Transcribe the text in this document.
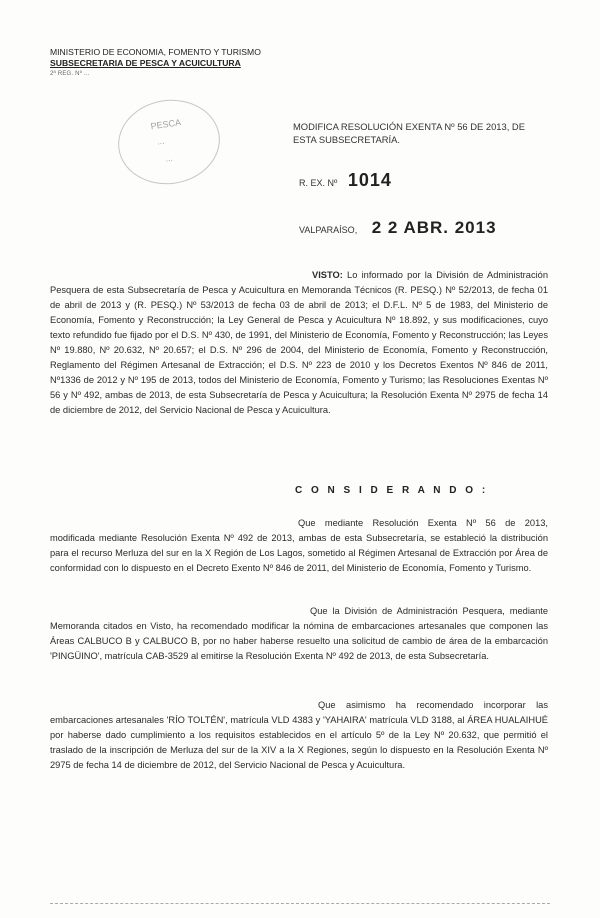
MINISTERIO DE ECONOMIA, FOMENTO Y TURISMO
SUBSECRETARIA DE PESCA Y ACUICULTURA
2ª REG. Nº ...
PESCA
...
...
MODIFICA RESOLUCIÓN EXENTA Nº 56 DE 2013, DE
ESTA SUBSECRETARÍA.
R. EX. Nº 1014
VALPARAÍSO, 2 2 ABR. 2013
VISTO: Lo informado por la División de Administración Pesquera de esta Subsecretaría de Pesca y Acuicultura en Memoranda Técnicos (R. PESQ.) Nº 52/2013, de fecha 01 de abril de 2013 y (R. PESQ.) Nº 53/2013 de fecha 03 de abril de 2013; el D.F.L. Nº 5 de 1983, del Ministerio de Economía, Fomento y Reconstrucción; la Ley General de Pesca y Acuicultura Nº 18.892, y sus modificaciones, cuyo texto refundido fue fijado por el D.S. Nº 430, de 1991, del Ministerio de Economía, Fomento y Reconstrucción; las Leyes Nº 19.880, Nº 20.632, Nº 20.657; el D.S. Nº 296 de 2004, del Ministerio de Economía, Fomento y Reconstrucción, Reglamento del Régimen Artesanal de Extracción; el D.S. Nº 223 de 2010 y los Decretos Exentos Nº 846 de 2011, Nº1336 de 2012 y Nº 195 de 2013, todos del Ministerio de Economía, Fomento y Turismo; las Resoluciones Exentas Nº 56 y Nº 492, ambas de 2013, de esta Subsecretaría de Pesca y Acuicultura; la Resolución Exenta Nº 2975 de fecha 14 de diciembre de 2012, del Servicio Nacional de Pesca y Acuicultura.
C O N S I D E R A N D O :
Que mediante Resolución Exenta Nº 56 de 2013, modificada mediante Resolución Exenta Nº 492 de 2013, ambas de esta Subsecretaría, se estableció la distribución para el recurso Merluza del sur en la X Región de Los Lagos, sometido al Régimen Artesanal de Extracción por Área de conformidad con lo dispuesto en el Decreto Exento Nº 846 de 2011, del Ministerio de Economía, Fomento y Turismo.
Que la División de Administración Pesquera, mediante Memoranda citados en Visto, ha recomendado modificar la nómina de embarcaciones artesanales que componen las Áreas CALBUCO B y CALBUCO B, por no haber haberse resuelto una solicitud de cambio de área de la embarcación 'PINGÜINO', matrícula CAB-3529 al emitirse la Resolución Exenta Nº 492 de 2013, de esta Subsecretaría.
Que asimismo ha recomendado incorporar las embarcaciones artesanales 'RÍO TOLTÉN', matrícula VLD 4383 y 'YAHAIRA' matrícula VLD 3188, al ÁREA HUALAIHUÉ por haberse dado cumplimiento a los requisitos establecidos en el artículo 5º de la Ley Nº 20.632, que permitió el traslado de la inscripción de Merluza del sur de la XIV a la X Regiones, según lo dispuesto en la Resolución Exenta Nº 2975 de fecha 14 de diciembre de 2012, del Servicio Nacional de Pesca y Acuicultura.
